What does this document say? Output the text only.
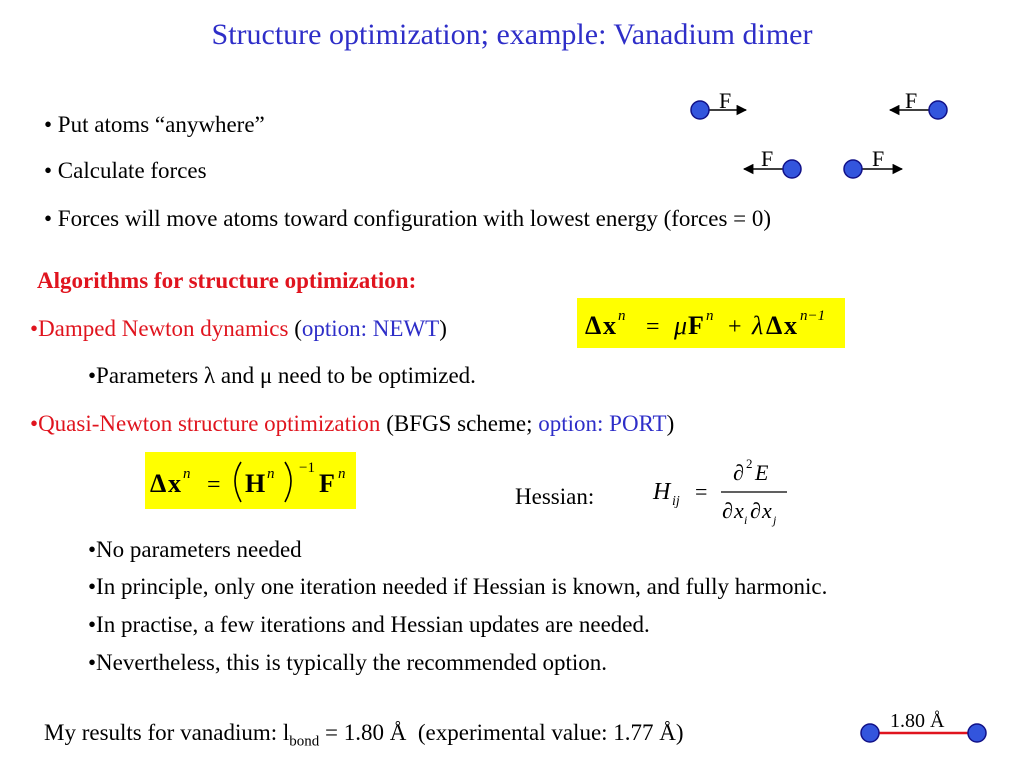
Structure optimization; example: Vanadium dimer
• Put atoms “anywhere”
• Calculate forces
• Forces will move atoms toward configuration with lowest energy (forces = 0)
F	F
F	F
1.80 Å
Algorithms for structure optimization:
•Damped Newton dynamics (option: NEWT)	Δ x n = μ F n + λ Δ x n−1
•Parameters λ and μ need to be optimized.
•Quasi-Newton structure optimization (BFGS scheme; option: PORT)
Δ x n = H n −1
F n
Hessian: H ij =
∂ 2 E
∂ x i ∂ x j
•No parameters needed
•In principle, only one iteration needed if Hessian is known, and fully harmonic.
•In practise, a few iterations and Hessian updates are needed.
•Nevertheless, this is typically the recommended option.
My results for vanadium: $l_{bond} = 1.80$ Å (experimental value: 1.77 Å)
